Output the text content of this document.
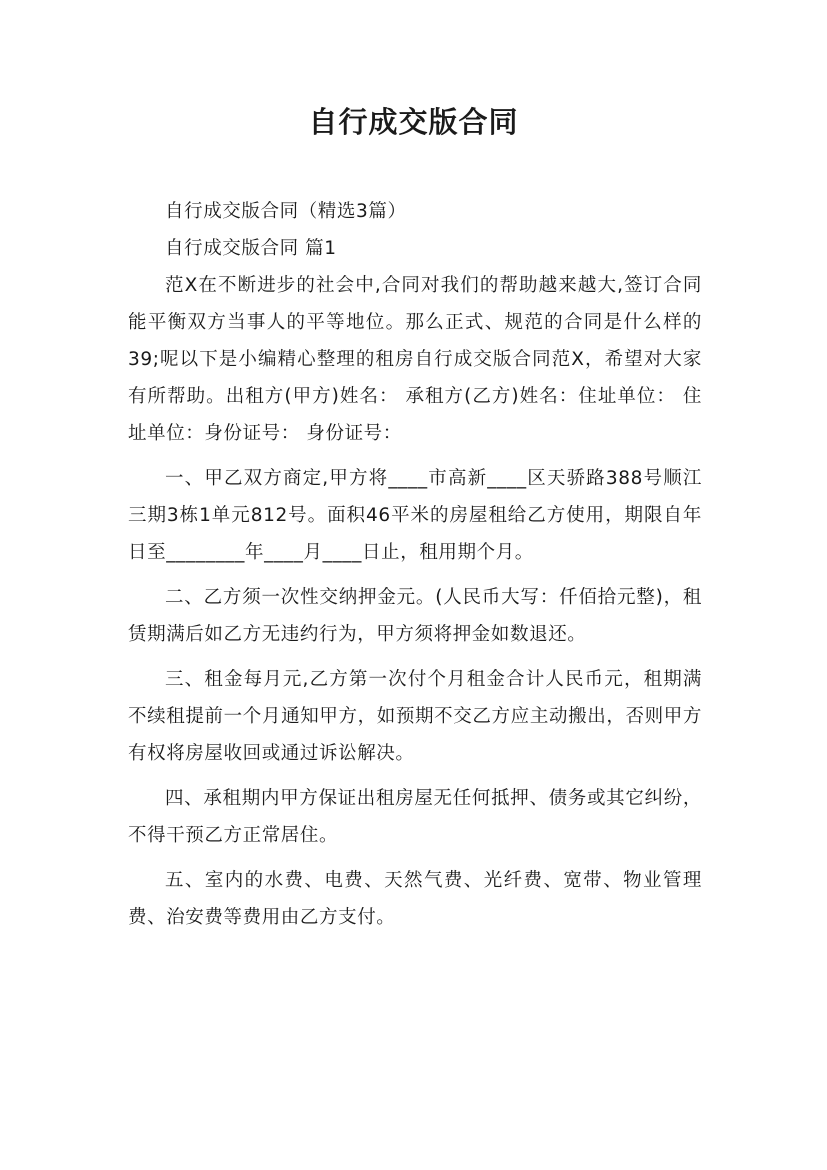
自行成交版合同

自行成交版合同（精选3篇）

自行成交版合同 篇1

范X在不断进步的社会中,合同对我们的帮助越来越大,签订合同能平衡双方当事人的平等地位。那么正式、规范的合同是什么样的39;呢以下是小编精心整理的租房自行成交版合同范X，希望对大家有所帮助。出租方(甲方)姓名： 承租方(乙方)姓名：住址单位： 住址单位：身份证号： 身份证号：

一、甲乙双方商定,甲方将____市高新____区天骄路388号顺江三期3栋1单元812号。面积46平米的房屋租给乙方使用，期限自年日至________年____月____日止，租用期个月。

二、乙方须一次性交纳押金元。(人民币大写：仟佰拾元整)，租赁期满后如乙方无违约行为，甲方须将押金如数退还。

三、租金每月元,乙方第一次付个月租金合计人民币元，租期满不续租提前一个月通知甲方，如预期不交乙方应主动搬出，否则甲方有权将房屋收回或通过诉讼解决。

四、承租期内甲方保证出租房屋无任何抵押、债务或其它纠纷，不得干预乙方正常居住。

五、室内的水费、电费、天然气费、光纤费、宽带、物业管理费、治安费等费用由乙方支付。
